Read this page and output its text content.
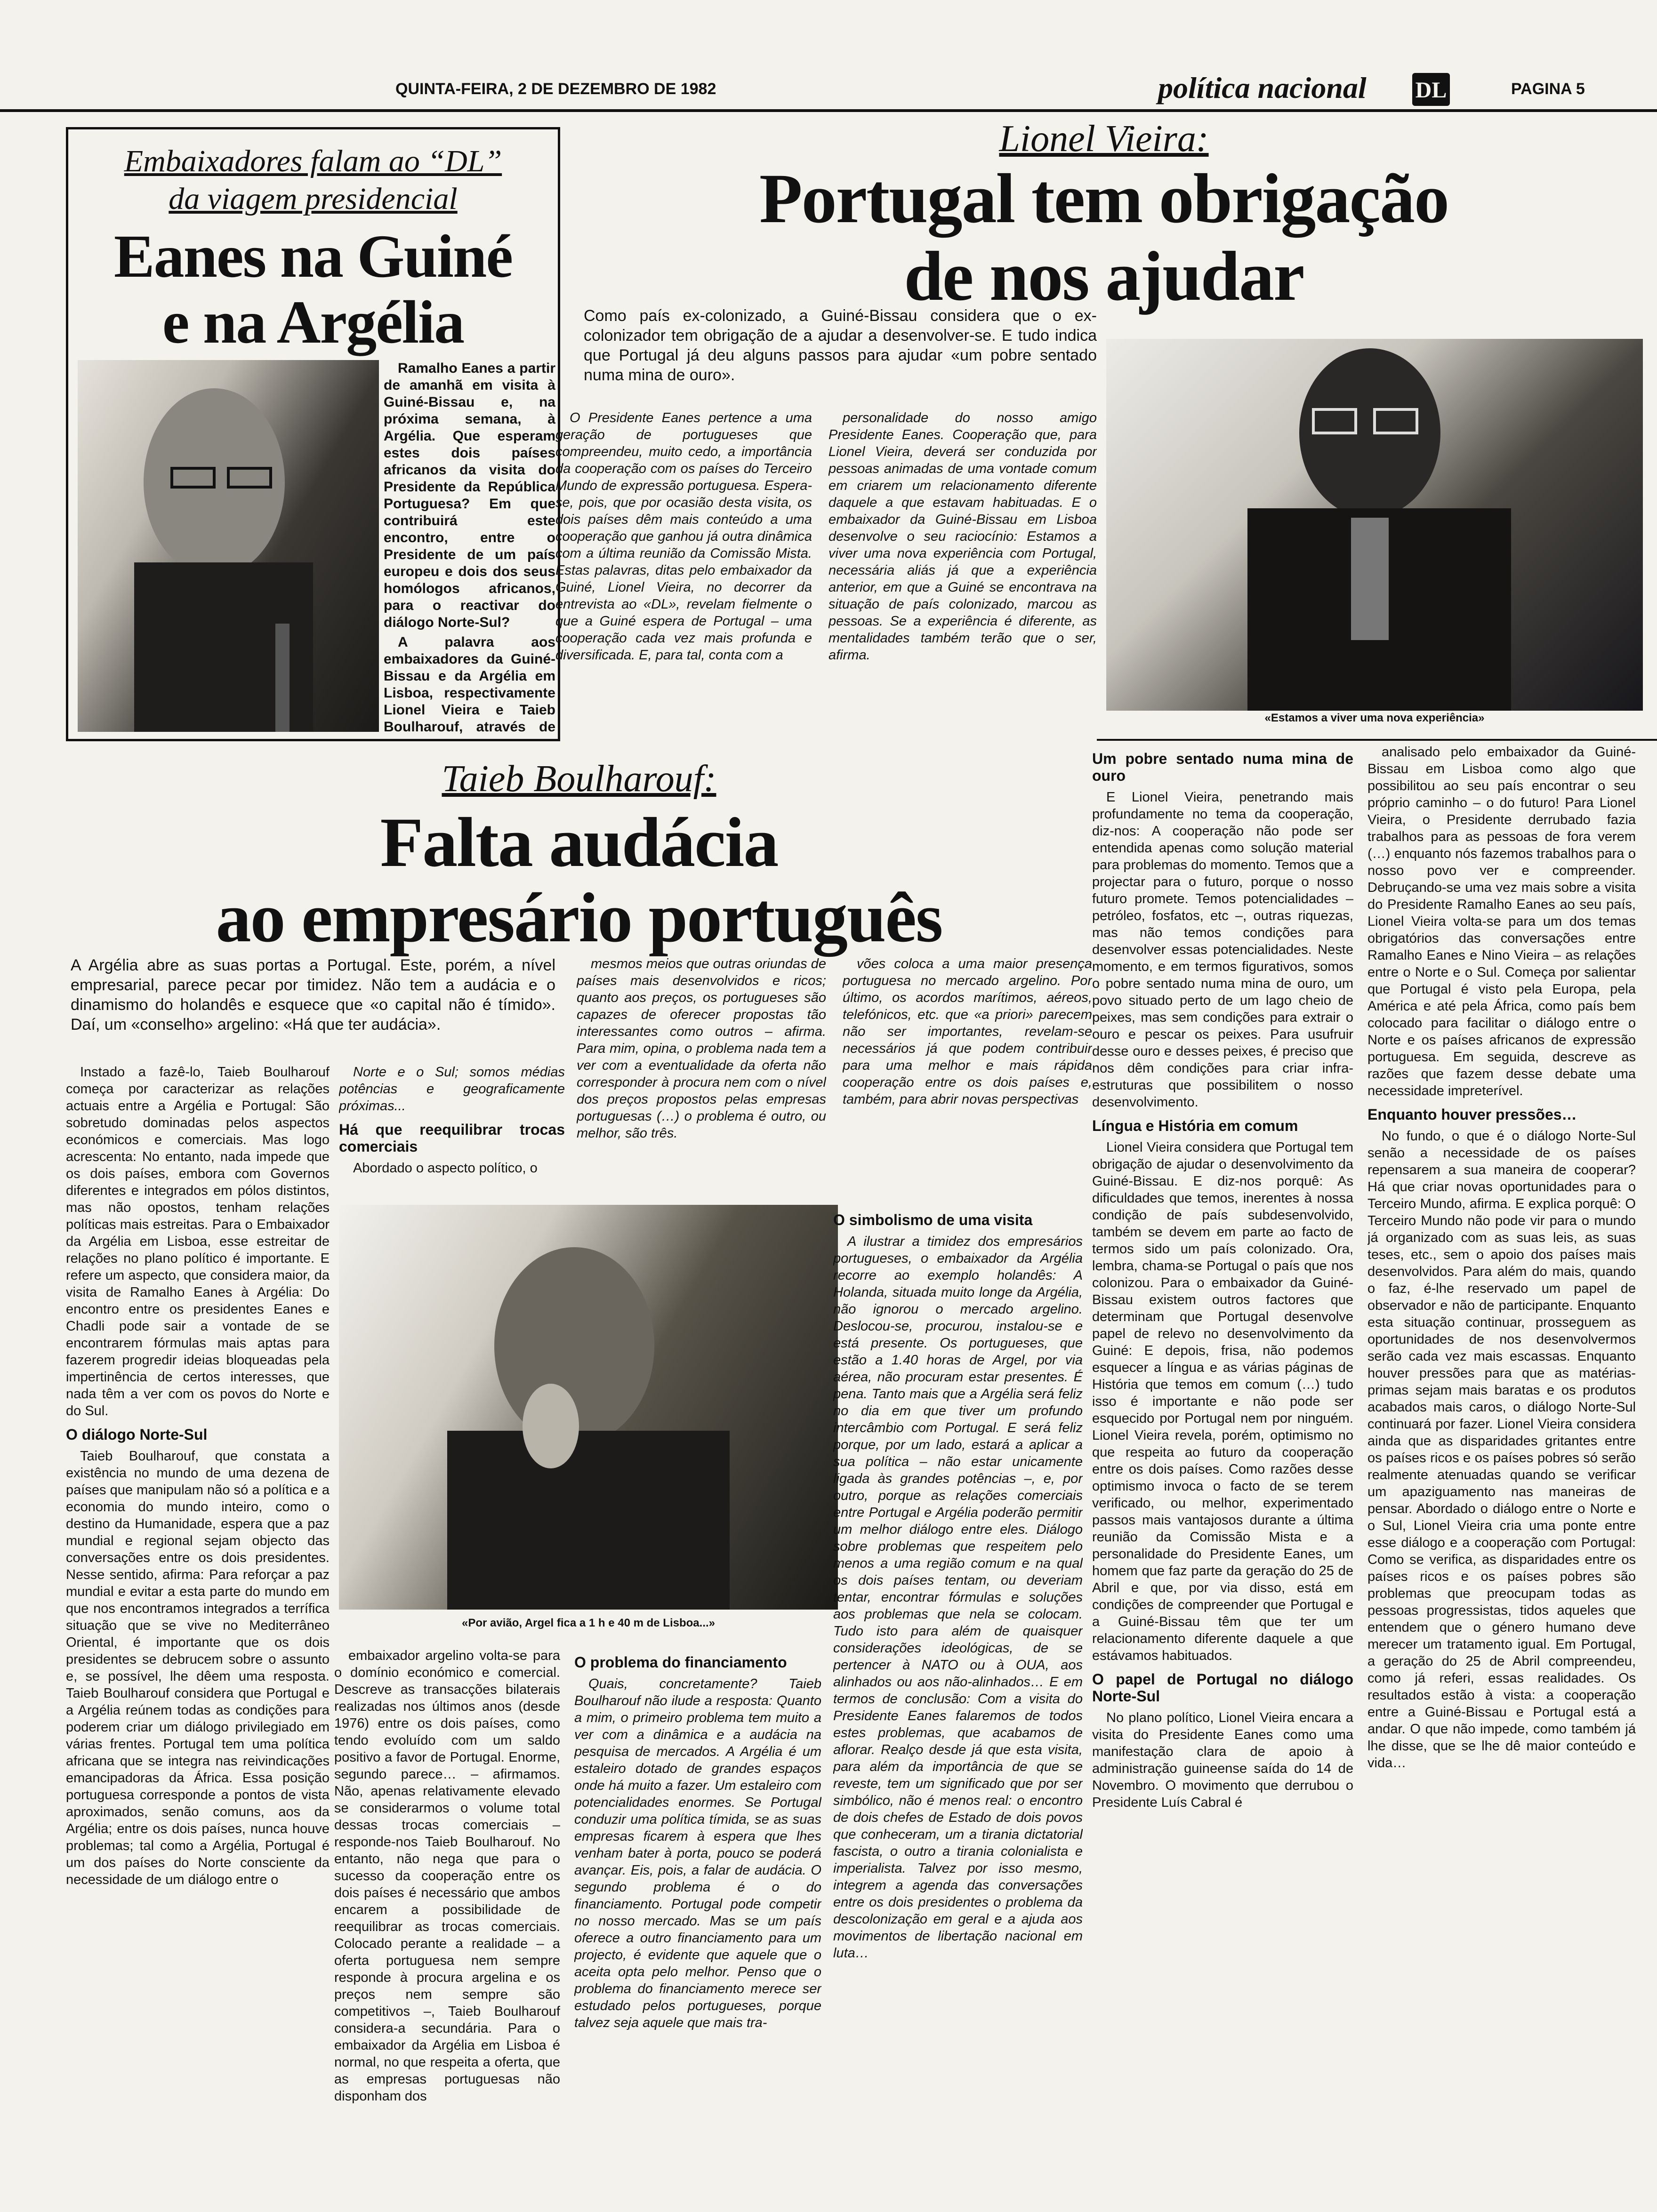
QUINTA-FEIRA, 2 DE DEZEMBRO DE 1982	política nacional DL	PAGINA 5
Embaixadores falam ao “DL”
da viagem presidencial
Eanes na Guiné
e na Argélia

Ramalho Eanes a partir de amanhã em visita à Guiné-Bissau e, na próxima semana, à Argélia. Que esperam estes dois países africanos da visita do Presidente da República Portuguesa? Em que contribuirá este encontro, entre o Presidente de um país europeu e dois dos seus homólogos africanos, para o reactivar do diálogo Norte-Sul?

A palavra aos embaixadores da Guiné-Bissau e da Argélia em Lisboa, respectivamente Lionel Vieira e Taieb Boulharouf, através de

Lionel Vieira:
Portugal tem obrigação
de nos ajudar
Como país ex-colonizado, a Guiné-Bissau considera que o ex-colonizador tem obrigação de a ajudar a desenvolver-se. E tudo indica que Portugal já deu alguns passos para ajudar «um pobre sentado numa mina de ouro».

O Presidente Eanes pertence a uma geração de portugueses que compreendeu, muito cedo, a importância da cooperação com os países do Terceiro Mundo de expressão portuguesa. Espera-se, pois, que por ocasião desta visita, os dois países dêm mais conteúdo a uma cooperação que ganhou já outra dinâmica com a última reunião da Comissão Mista. Estas palavras, ditas pelo embaixador da Guiné, Lionel Vieira, no decorrer da entrevista ao «DL», revelam fielmente o que a Guiné espera de Portugal – uma cooperação cada vez mais profunda e diversificada. E, para tal, conta com a

personalidade do nosso amigo Presidente Eanes. Cooperação que, para Lionel Vieira, deverá ser conduzida por pessoas animadas de uma vontade comum em criarem um relacionamento diferente daquele a que estavam habituadas. E o embaixador da Guiné-Bissau em Lisboa desenvolve o seu raciocínio: Estamos a viver uma nova experiência com Portugal, necessária aliás já que a experiência anterior, em que a Guiné se encontrava na situação de país colonizado, marcou as pessoas. Se a experiência é diferente, as mentalidades também terão que o ser, afirma.

«Estamos a viver uma nova experiência»
Um pobre sentado numa mina de ouro

E Lionel Vieira, penetrando mais profundamente no tema da cooperação, diz-nos: A cooperação não pode ser entendida apenas como solução material para problemas do momento. Temos que a projectar para o futuro, porque o nosso futuro promete. Temos potencialidades – petróleo, fosfatos, etc –, outras riquezas, mas não temos condições para desenvolver essas potencialidades. Neste momento, e em termos figurativos, somos o pobre sentado numa mina de ouro, um povo situado perto de um lago cheio de peixes, mas sem condições para extrair o ouro e pescar os peixes. Para usufruir desse ouro e desses peixes, é preciso que nos dêm condições para criar infra-estruturas que possibilitem o nosso desenvolvimento.

Língua e História em comum

Lionel Vieira considera que Portugal tem obrigação de ajudar o desenvolvimento da Guiné-Bissau. E diz-nos porquê: As dificuldades que temos, inerentes à nossa condição de país subdesenvolvido, também se devem em parte ao facto de termos sido um país colonizado. Ora, lembra, chama-se Portugal o país que nos colonizou. Para o embaixador da Guiné-Bissau existem outros factores que determinam que Portugal desenvolve papel de relevo no desenvolvimento da Guiné: E depois, frisa, não podemos esquecer a língua e as várias páginas de História que temos em comum (…) tudo isso é importante e não pode ser esquecido por Portugal nem por ninguém. Lionel Vieira revela, porém, optimismo no que respeita ao futuro da cooperação entre os dois países. Como razões desse optimismo invoca o facto de se terem verificado, ou melhor, experimentado passos mais vantajosos durante a última reunião da Comissão Mista e a personalidade do Presidente Eanes, um homem que faz parte da geração do 25 de Abril e que, por via disso, está em condições de compreender que Portugal e a Guiné-Bissau têm que ter um relacionamento diferente daquele a que estávamos habituados.

O papel de Portugal no diálogo Norte-Sul

No plano político, Lionel Vieira encara a visita do Presidente Eanes como uma manifestação clara de apoio à administração guineense saída do 14 de Novembro. O movimento que derrubou o Presidente Luís Cabral é

analisado pelo embaixador da Guiné-Bissau em Lisboa como algo que possibilitou ao seu país encontrar o seu próprio caminho – o do futuro! Para Lionel Vieira, o Presidente derrubado fazia trabalhos para as pessoas de fora verem (…) enquanto nós fazemos trabalhos para o nosso povo ver e compreender. Debruçando-se uma vez mais sobre a visita do Presidente Ramalho Eanes ao seu país, Lionel Vieira volta-se para um dos temas obrigatórios das conversações entre Ramalho Eanes e Nino Vieira – as relações entre o Norte e o Sul. Começa por salientar que Portugal é visto pela Europa, pela América e até pela África, como país bem colocado para facilitar o diálogo entre o Norte e os países africanos de expressão portuguesa. Em seguida, descreve as razões que fazem desse debate uma necessidade impreterível.

Enquanto houver pressões…

No fundo, o que é o diálogo Norte-Sul senão a necessidade de os países repensarem a sua maneira de cooperar? Há que criar novas oportunidades para o Terceiro Mundo, afirma. E explica porquê: O Terceiro Mundo não pode vir para o mundo já organizado com as suas leis, as suas teses, etc., sem o apoio dos países mais desenvolvidos. Para além do mais, quando o faz, é-lhe reservado um papel de observador e não de participante. Enquanto esta situação continuar, prosseguem as oportunidades de nos desenvolvermos serão cada vez mais escassas. Enquanto houver pressões para que as matérias-primas sejam mais baratas e os produtos acabados mais caros, o diálogo Norte-Sul continuará por fazer. Lionel Vieira considera ainda que as disparidades gritantes entre os países ricos e os países pobres só serão realmente atenuadas quando se verificar um apaziguamento nas maneiras de pensar. Abordado o diálogo entre o Norte e o Sul, Lionel Vieira cria uma ponte entre esse diálogo e a cooperação com Portugal: Como se verifica, as disparidades entre os países ricos e os países pobres são problemas que preocupam todas as pessoas progressistas, tidos aqueles que entendem que o género humano deve merecer um tratamento igual. Em Portugal, a geração do 25 de Abril compreendeu, como já referi, essas realidades. Os resultados estão à vista: a cooperação entre a Guiné-Bissau e Portugal está a andar. O que não impede, como também já lhe disse, que se lhe dê maior conteúdo e vida…

Taieb Boulharouf:
Falta audácia
ao empresário português
A Argélia abre as suas portas a Portugal. Este, porém, a nível empresarial, parece pecar por timidez. Não tem a audácia e o dinamismo do holandês e esquece que «o capital não é tímido». Daí, um «conselho» argelino: «Há que ter audácia».

mesmos meios que outras oriundas de países mais desenvolvidos e ricos; quanto aos preços, os portugueses são capazes de oferecer propostas tão interessantes como outros – afirma. Para mim, opina, o problema nada tem a ver com a eventualidade da oferta não corresponder à procura nem com o nível dos preços propostos pelas empresas portuguesas (…) o problema é outro, ou melhor, são três.

vões coloca a uma maior presença portuguesa no mercado argelino. Por último, os acordos marítimos, aéreos, telefónicos, etc. que «a priori» parecem não ser importantes, revelam-se necessários já que podem contribuir para uma melhor e mais rápida cooperação entre os dois países e, também, para abrir novas perspectivas

Instado a fazê-lo, Taieb Boulharouf começa por caracterizar as relações actuais entre a Argélia e Portugal: São sobretudo dominadas pelos aspectos económicos e comerciais. Mas logo acrescenta: No entanto, nada impede que os dois países, embora com Governos diferentes e integrados em pólos distintos, mas não opostos, tenham relações políticas mais estreitas. Para o Embaixador da Argélia em Lisboa, esse estreitar de relações no plano político é importante. E refere um aspecto, que considera maior, da visita de Ramalho Eanes à Argélia: Do encontro entre os presidentes Eanes e Chadli pode sair a vontade de se encontrarem fórmulas mais aptas para fazerem progredir ideias bloqueadas pela impertinência de certos interesses, que nada têm a ver com os povos do Norte e do Sul.

O diálogo Norte-Sul

Taieb Boulharouf, que constata a existência no mundo de uma dezena de países que manipulam não só a política e a economia do mundo inteiro, como o destino da Humanidade, espera que a paz mundial e regional sejam objecto das conversações entre os dois presidentes. Nesse sentido, afirma: Para reforçar a paz mundial e evitar a esta parte do mundo em que nos encontramos integrados a terrífica situação que se vive no Mediterrâneo Oriental, é importante que os dois presidentes se debrucem sobre o assunto e, se possível, lhe dêem uma resposta. Taieb Boulharouf considera que Portugal e a Argélia reúnem todas as condições para poderem criar um diálogo privilegiado em várias frentes. Portugal tem uma política africana que se integra nas reivindicações emancipadoras da África. Essa posição portuguesa corresponde a pontos de vista aproximados, senão comuns, aos da Argélia; entre os dois países, nunca houve problemas; tal como a Argélia, Portugal é um dos países do Norte consciente da necessidade de um diálogo entre o

Norte e o Sul; somos médias potências e geograficamente próximas...

Há que reequilibrar trocas comerciais

Abordado o aspecto político, o

«Por avião, Argel fica a 1 h e 40 m de Lisboa...»

embaixador argelino volta-se para o domínio económico e comercial. Descreve as transacções bilaterais realizadas nos últimos anos (desde 1976) entre os dois países, como tendo evoluído com um saldo positivo a favor de Portugal. Enorme, segundo parece… – afirmamos. Não, apenas relativamente elevado se considerarmos o volume total dessas trocas comerciais – responde-nos Taieb Boulharouf. No entanto, não nega que para o sucesso da cooperação entre os dois países é necessário que ambos encarem a possibilidade de reequilibrar as trocas comerciais. Colocado perante a realidade – a oferta portuguesa nem sempre responde à procura argelina e os preços nem sempre são competitivos –, Taieb Boulharouf considera-a secundária. Para o embaixador da Argélia em Lisboa é normal, no que respeita a oferta, que as empresas portuguesas não disponham dos

O problema do financiamento

Quais, concretamente? Taieb Boulharouf não ilude a resposta: Quanto a mim, o primeiro problema tem muito a ver com a dinâmica e a audácia na pesquisa de mercados. A Argélia é um estaleiro dotado de grandes espaços onde há muito a fazer. Um estaleiro com potencialidades enormes. Se Portugal conduzir uma política tímida, se as suas empresas ficarem à espera que lhes venham bater à porta, pouco se poderá avançar. Eis, pois, a falar de audácia. O segundo problema é o do financiamento. Portugal pode competir no nosso mercado. Mas se um país oferece a outro financiamento para um projecto, é evidente que aquele que o aceita opta pelo melhor. Penso que o problema do financiamento merece ser estudado pelos portugueses, porque talvez seja aquele que mais tra-

O simbolismo de uma visita

A ilustrar a timidez dos empresários portugueses, o embaixador da Argélia recorre ao exemplo holandês: A Holanda, situada muito longe da Argélia, não ignorou o mercado argelino. Deslocou-se, procurou, instalou-se e está presente. Os portugueses, que estão a 1.40 horas de Argel, por via aérea, não procuram estar presentes. É pena. Tanto mais que a Argélia será feliz no dia em que tiver um profundo intercâmbio com Portugal. E será feliz porque, por um lado, estará a aplicar a sua política – não estar unicamente ligada às grandes potências –, e, por outro, porque as relações comerciais entre Portugal e Argélia poderão permitir um melhor diálogo entre eles. Diálogo sobre problemas que respeitem pelo menos a uma região comum e na qual os dois países tentam, ou deveriam tentar, encontrar fórmulas e soluções aos problemas que nela se colocam. Tudo isto para além de quaisquer considerações ideológicas, de se pertencer à NATO ou à OUA, aos alinhados ou aos não-alinhados… E em termos de conclusão: Com a visita do Presidente Eanes falaremos de todos estes problemas, que acabamos de aflorar. Realço desde já que esta visita, para além da importância de que se reveste, tem um significado que por ser simbólico, não é menos real: o encontro de dois chefes de Estado de dois povos que conheceram, um a tirania dictatorial fascista, o outro a tirania colonialista e imperialista. Talvez por isso mesmo, integrem a agenda das conversações entre os dois presidentes o problema da descolonização em geral e a ajuda aos movimentos de libertação nacional em luta…
